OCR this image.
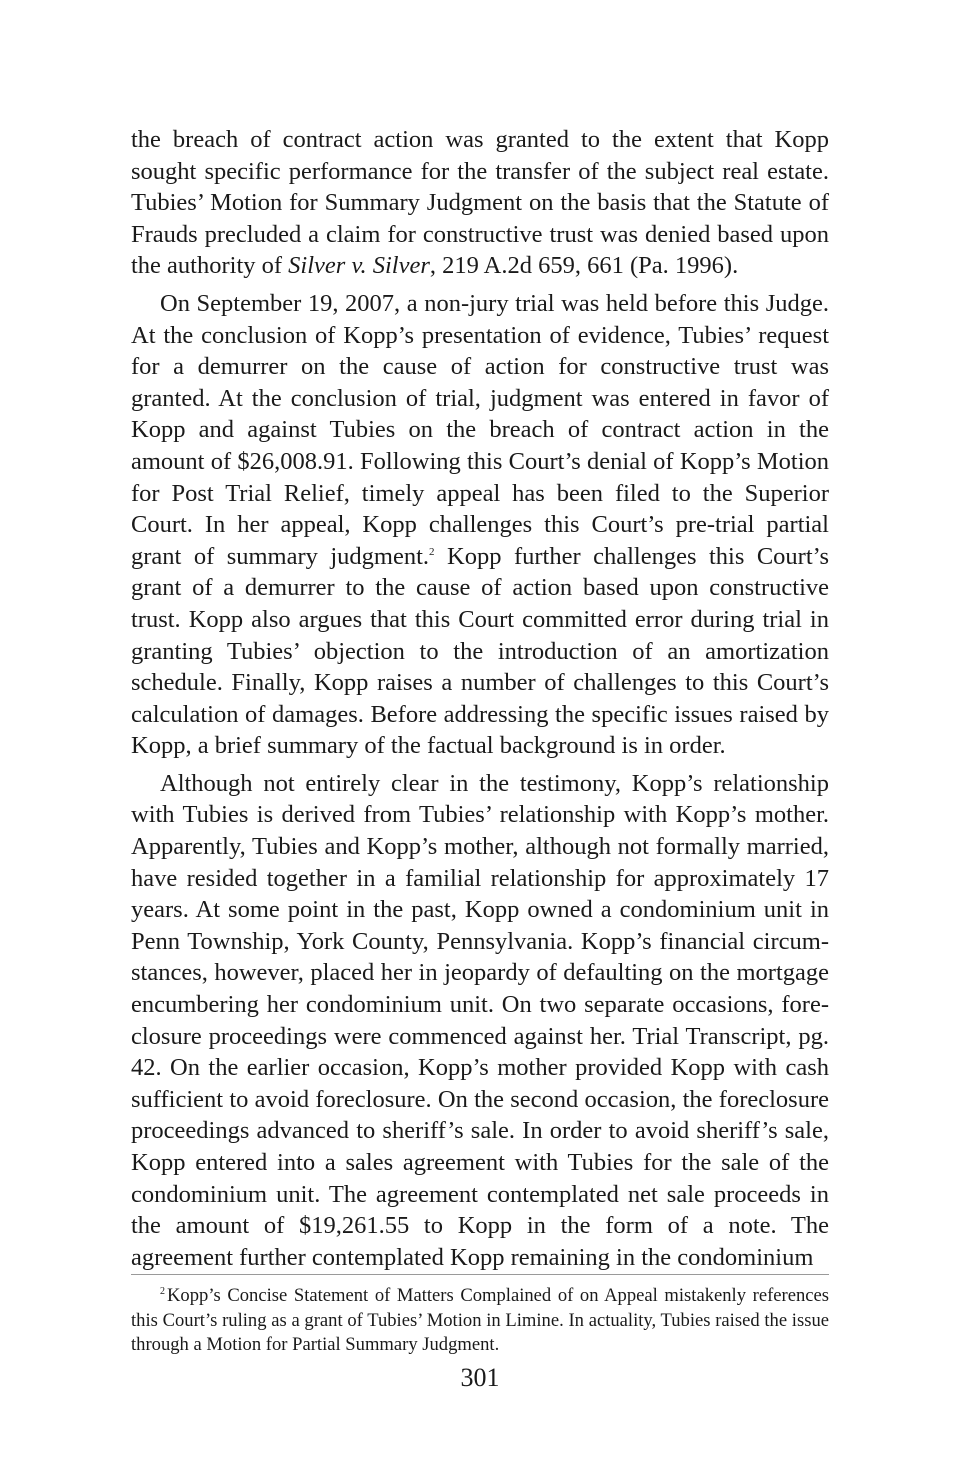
the breach of contract action was granted to the extent that Kopp sought specific performance for the transfer of the subject real estate. Tubies’ Motion for Summary Judgment on the basis that the Statute of Frauds precluded a claim for constructive trust was denied based upon the authority of Silver v. Silver, 219 A.2d 659, 661 (Pa. 1996).

On September 19, 2007, a non-jury trial was held before this Judge. At the conclusion of Kopp’s presentation of evidence, Tubies’ request for a demurrer on the cause of action for constructive trust was granted. At the conclusion of trial, judgment was entered in favor of Kopp and against Tubies on the breach of contract action in the amount of $26,008.91. Following this Court’s denial of Kopp’s Motion for Post Trial Relief, timely appeal has been filed to the Superior Court. In her appeal, Kopp challenges this Court’s pre-trial partial grant of summary judgment.$^2$ Kopp further challenges this Court’s grant of a demurrer to the cause of action based upon constructive trust. Kopp also argues that this Court committed error during trial in granting Tubies’ objection to the introduction of an amortization schedule. Finally, Kopp raises a number of challenges to this Court’s calculation of damages. Before addressing the specific issues raised by Kopp, a brief summary of the factual background is in order.

Although not entirely clear in the testimony, Kopp’s relationship with Tubies is derived from Tubies’ relationship with Kopp’s mother. Apparently, Tubies and Kopp’s mother, although not formally married, have resided together in a familial relationship for approximately 17 years. At some point in the past, Kopp owned a condominium unit in Penn Township, York County, Pennsylvania. Kopp’s financial circumstances, however, placed her in jeopardy of defaulting on the mortgage encumbering her condominium unit. On two separate occasions, foreclosure proceedings were commenced against her. Trial Transcript, pg. 42. On the earlier occasion, Kopp’s mother provided Kopp with cash sufficient to avoid foreclosure. On the second occasion, the foreclosure proceedings advanced to sheriff’s sale. In order to avoid sheriff’s sale, Kopp entered into a sales agreement with Tubies for the sale of the condominium unit. The agreement contemplated net sale proceeds in the amount of $19,261.55 to Kopp in the form of a note. The agreement further contemplated Kopp remaining in the condominium

$^2$ Kopp’s Concise Statement of Matters Complained of on Appeal mistakenly references this Court’s ruling as a grant of Tubies’ Motion in Limine. In actuality, Tubies raised the issue through a Motion for Partial Summary Judgment.

301
